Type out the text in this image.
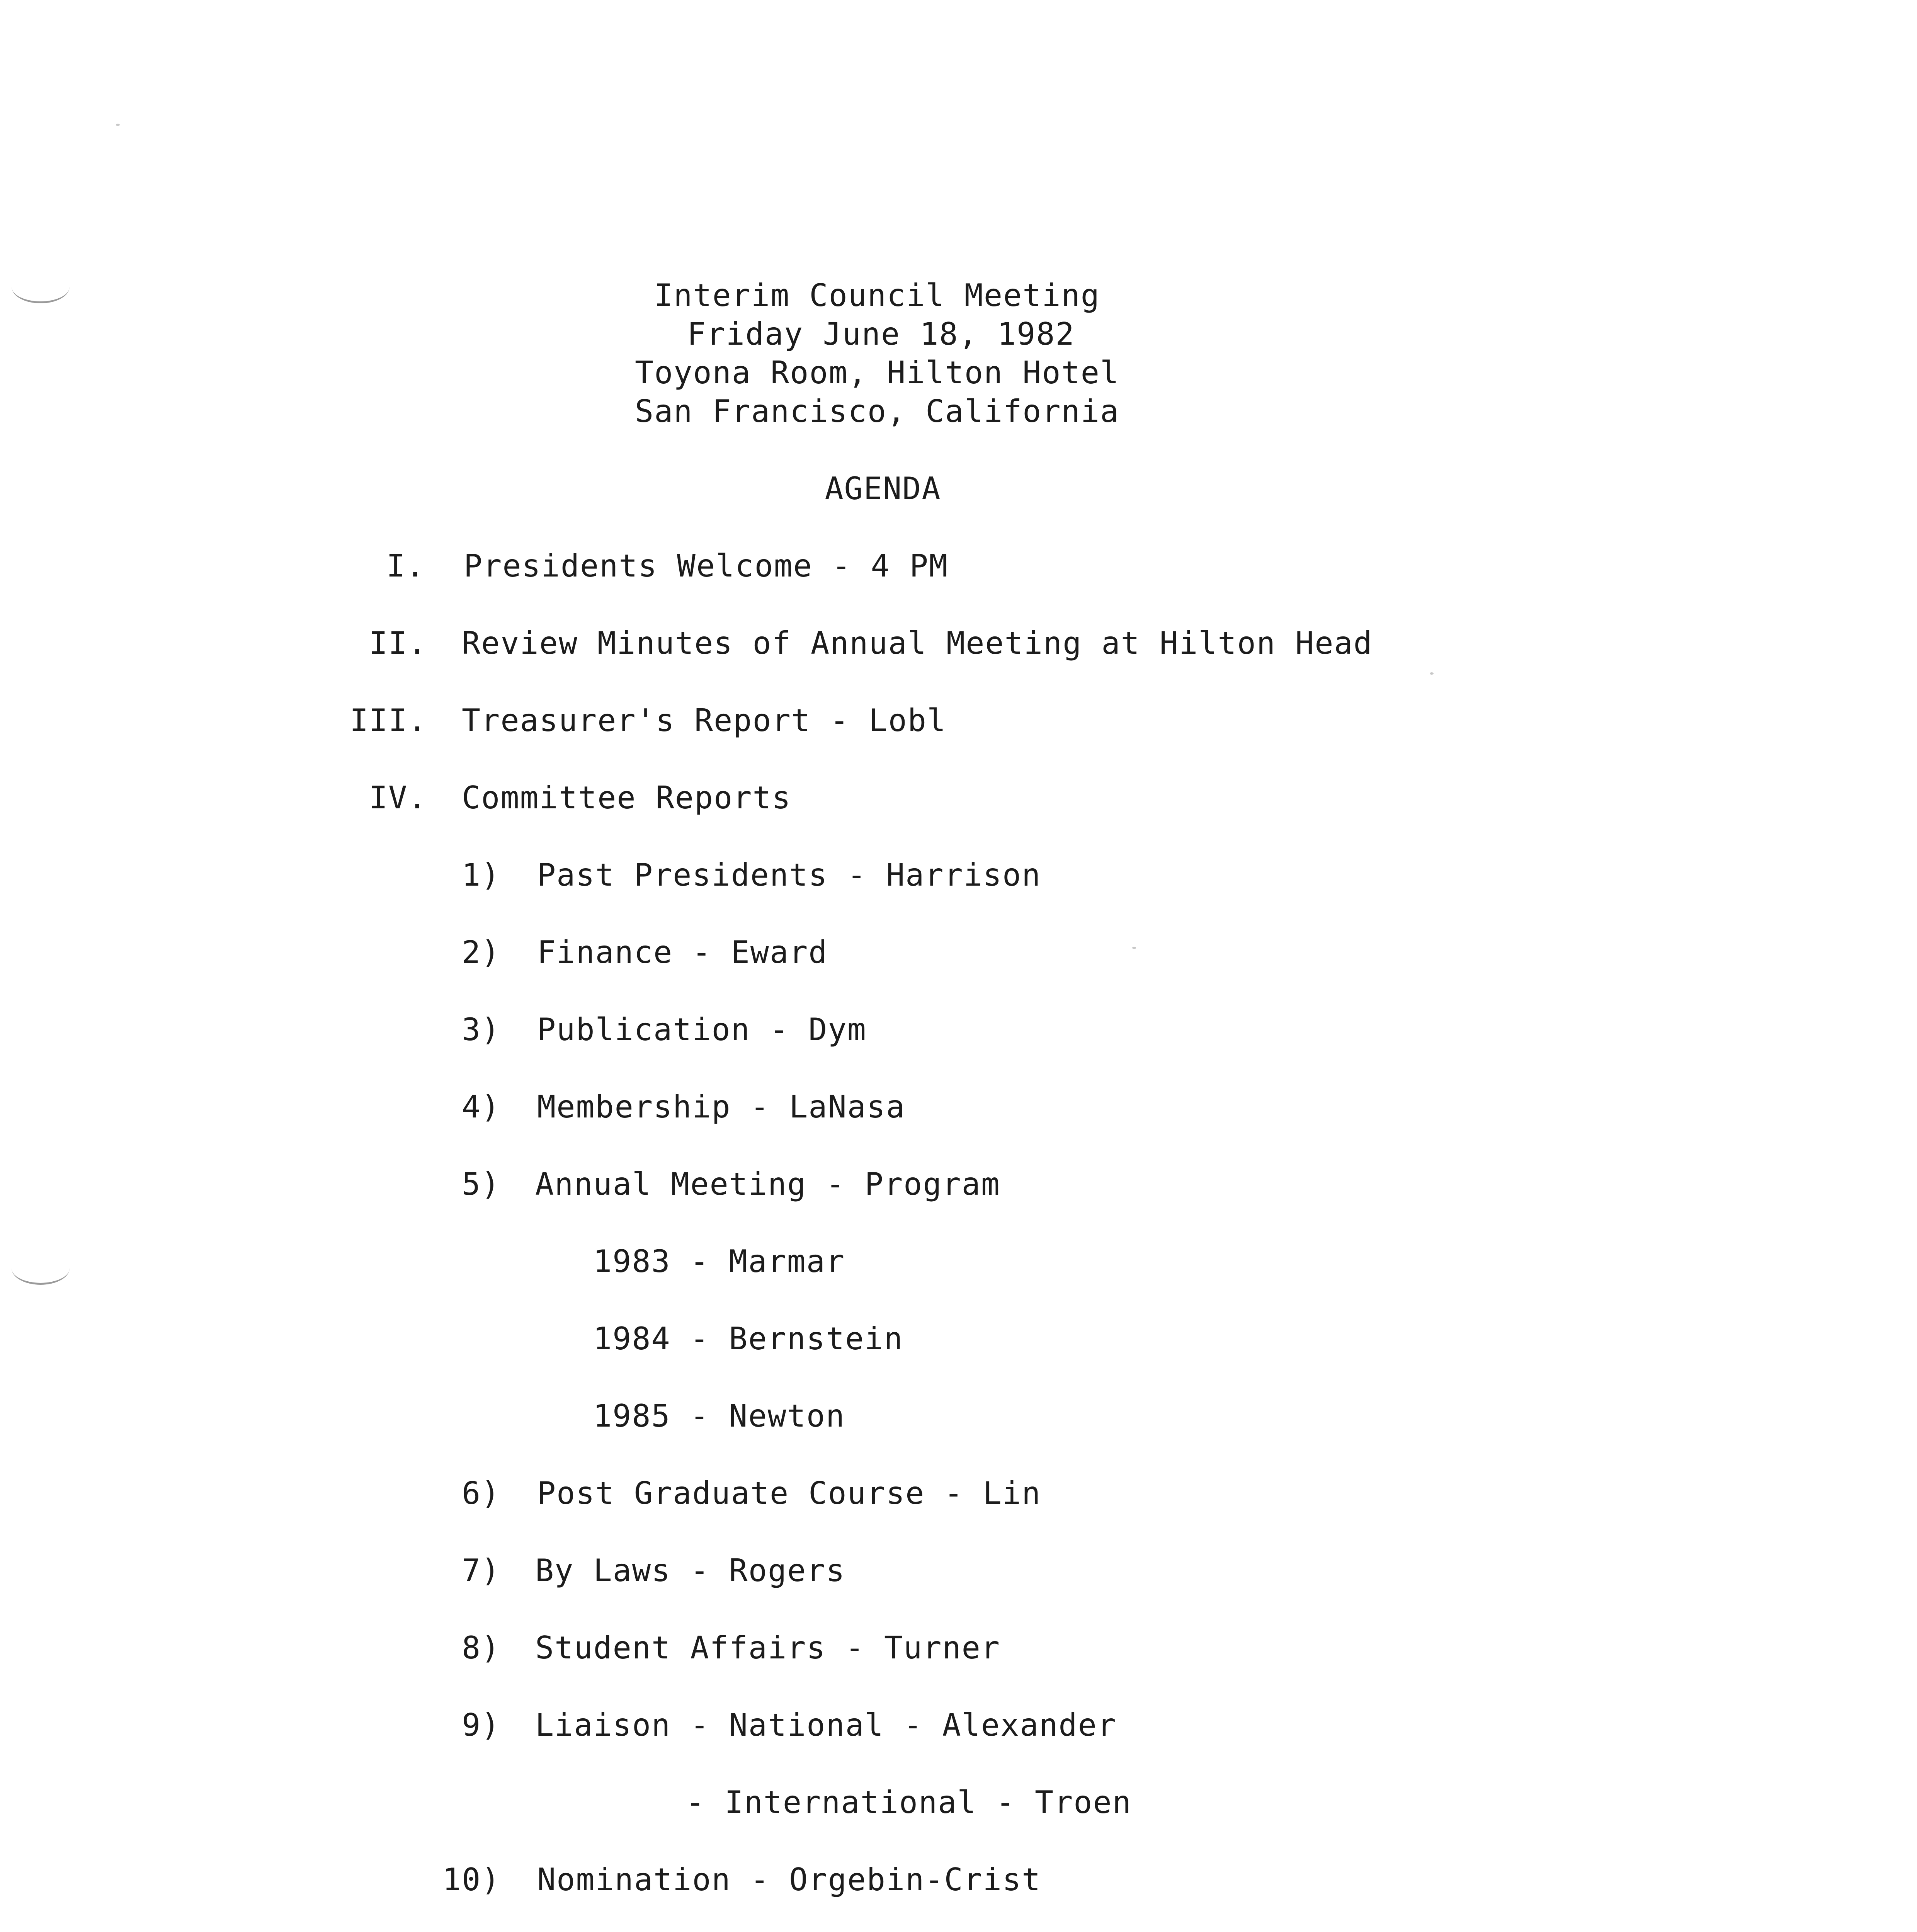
Interim Council Meeting
Friday June 18, 1982
Toyona Room, Hilton Hotel
San Francisco, California
AGENDA
I. Presidents Welcome - 4 PM
II. Review Minutes of Annual Meeting at Hilton Head
III. Treasurer's Report - Lobl
IV. Committee Reports
1) Past Presidents - Harrison
2) Finance - Eward
3) Publication - Dym
4) Membership - LaNasa
5) Annual Meeting - Program
1983 - Marmar
1984 - Bernstein
1985 - Newton
6) Post Graduate Course - Lin
7) By Laws - Rogers
8) Student Affairs - Turner
9) Liaison - National - Alexander
- International - Troen
10) Nomination - Orgebin-Crist
